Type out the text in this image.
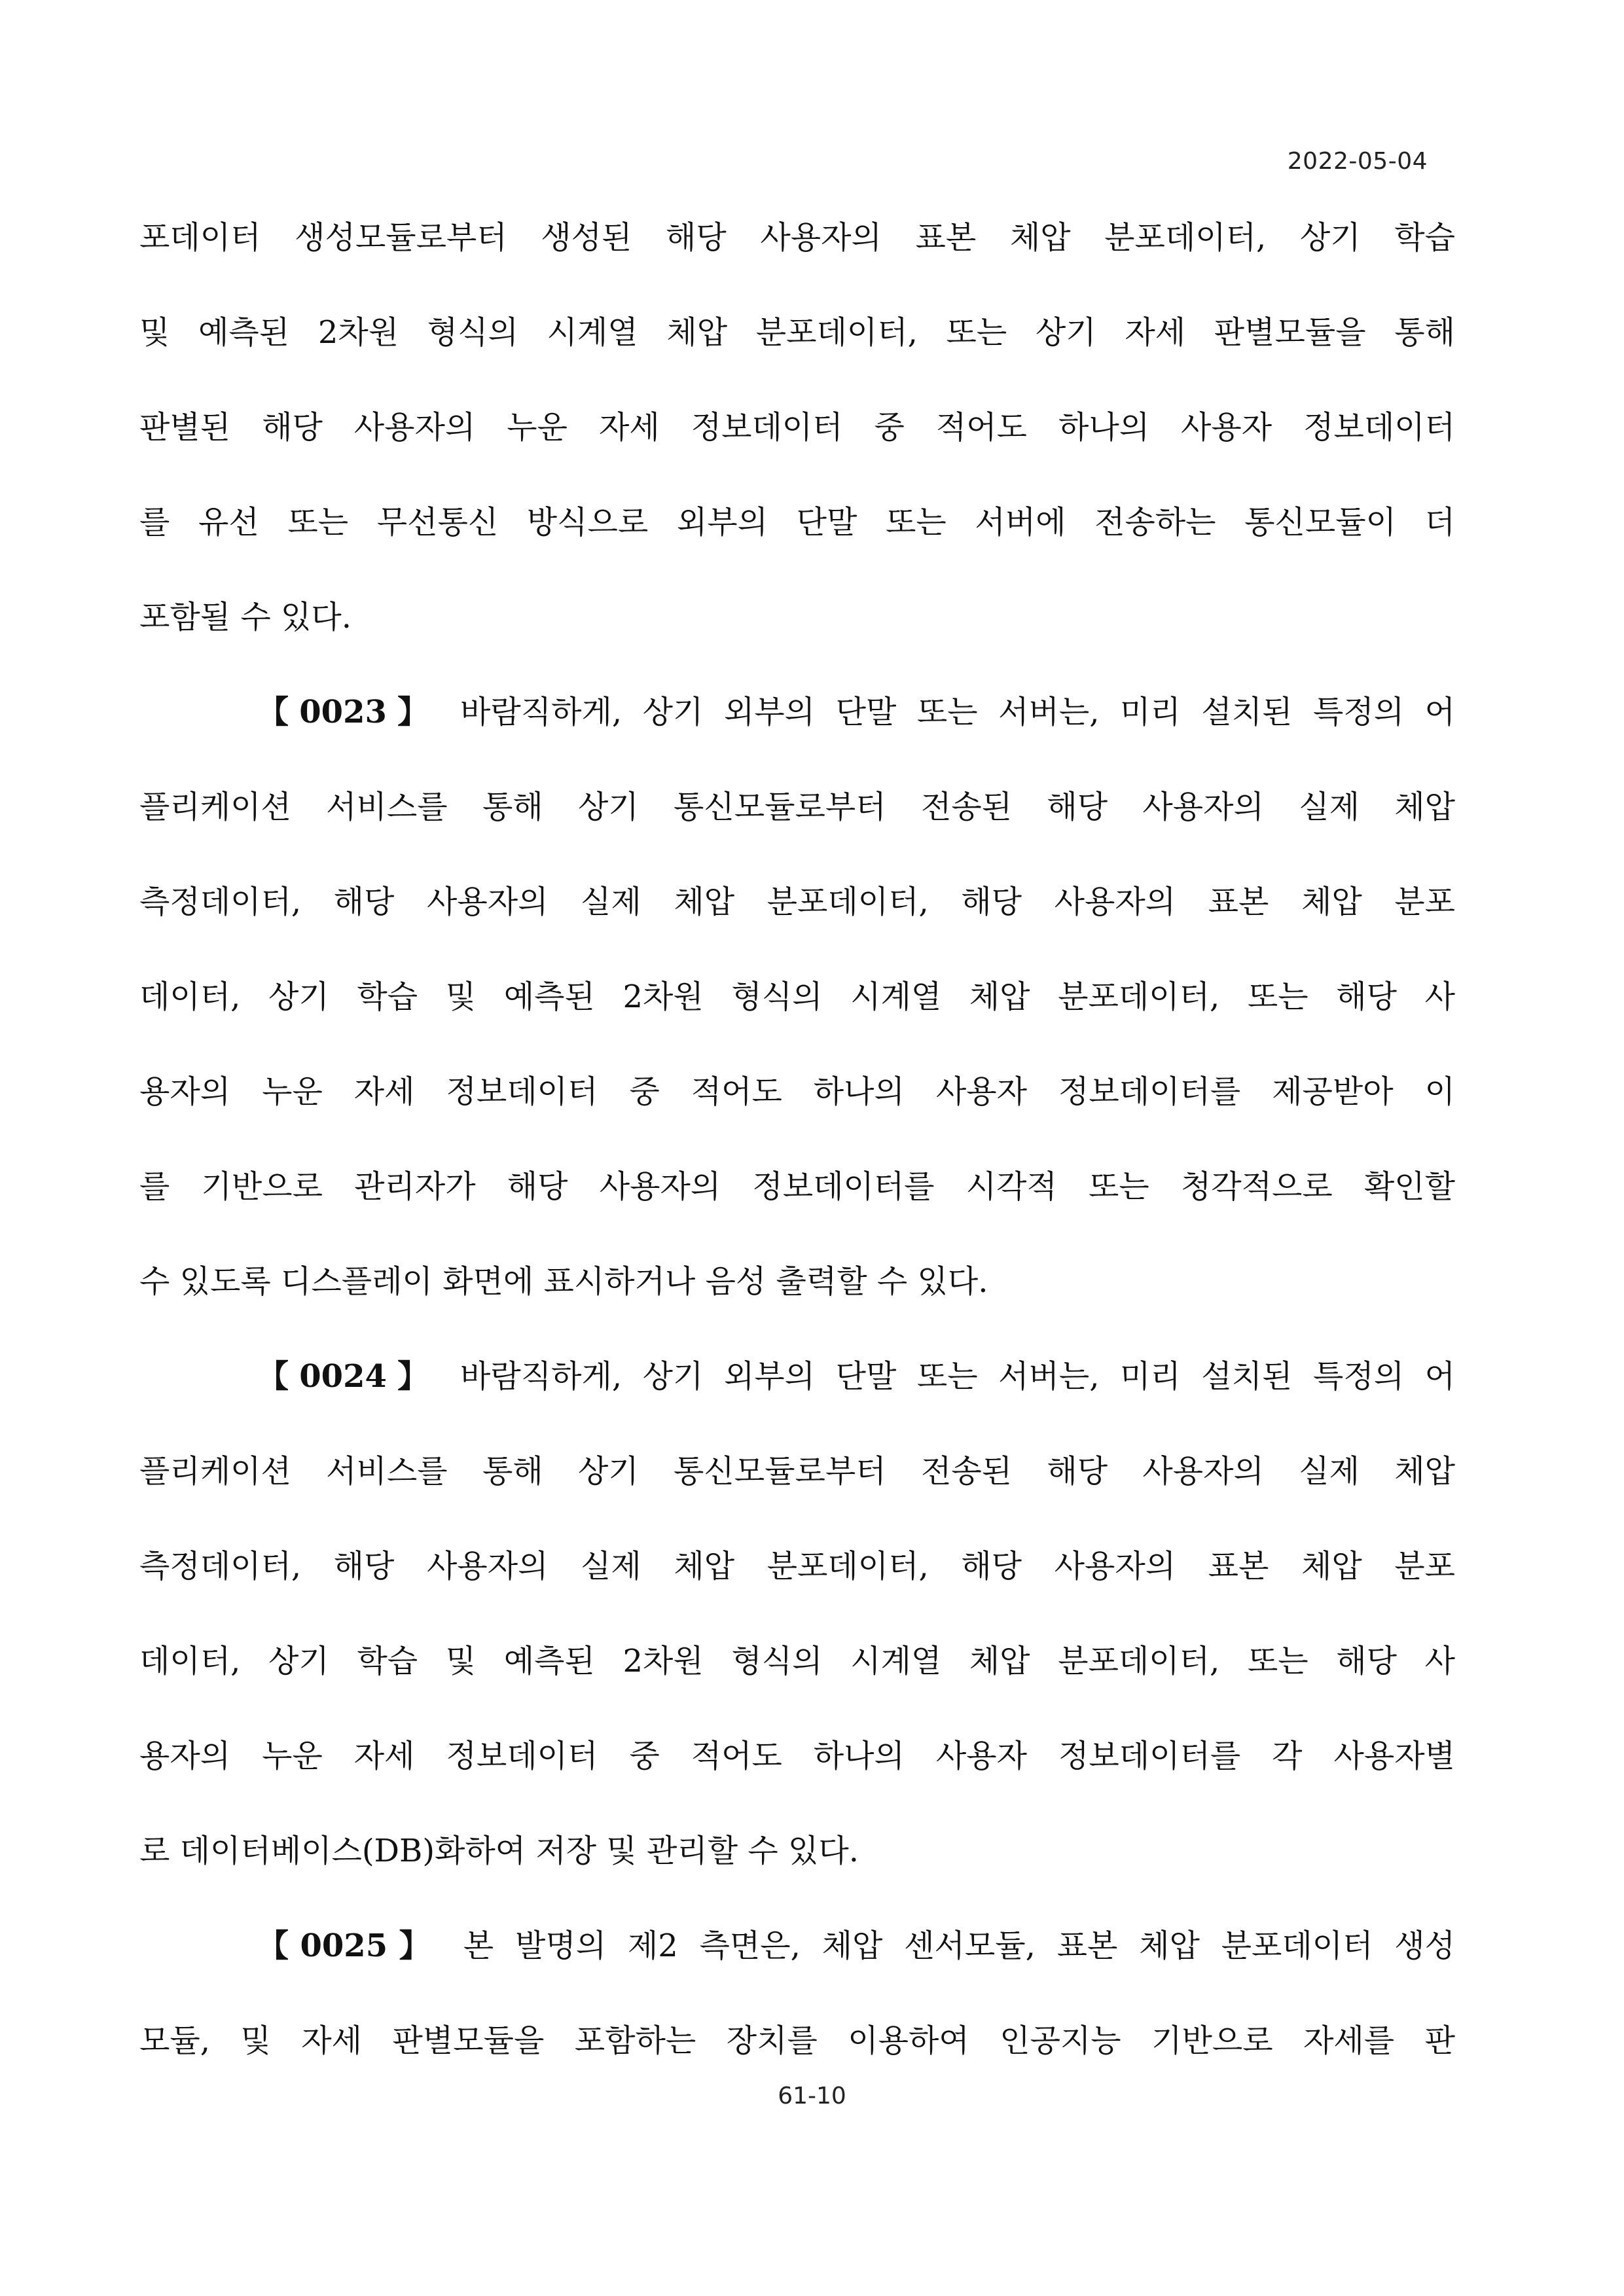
2022-05-04
포데이터 생성모듈로부터 생성된 해당 사용자의 표본 체압 분포데이터, 상기 학습
및 예측된 2차원 형식의 시계열 체압 분포데이터, 또는 상기 자세 판별모듈을 통해
판별된 해당 사용자의 누운 자세 정보데이터 중 적어도 하나의 사용자 정보데이터
를 유선 또는 무선통신 방식으로 외부의 단말 또는 서버에 전송하는 통신모듈이 더
포함될 수 있다.
【0023】 바람직하게, 상기 외부의 단말 또는 서버는, 미리 설치된 특정의 어
플리케이션 서비스를 통해 상기 통신모듈로부터 전송된 해당 사용자의 실제 체압
측정데이터, 해당 사용자의 실제 체압 분포데이터, 해당 사용자의 표본 체압 분포
데이터, 상기 학습 및 예측된 2차원 형식의 시계열 체압 분포데이터, 또는 해당 사
용자의 누운 자세 정보데이터 중 적어도 하나의 사용자 정보데이터를 제공받아 이
를 기반으로 관리자가 해당 사용자의 정보데이터를 시각적 또는 청각적으로 확인할
수 있도록 디스플레이 화면에 표시하거나 음성 출력할 수 있다.
【0024】 바람직하게, 상기 외부의 단말 또는 서버는, 미리 설치된 특정의 어
플리케이션 서비스를 통해 상기 통신모듈로부터 전송된 해당 사용자의 실제 체압
측정데이터, 해당 사용자의 실제 체압 분포데이터, 해당 사용자의 표본 체압 분포
데이터, 상기 학습 및 예측된 2차원 형식의 시계열 체압 분포데이터, 또는 해당 사
용자의 누운 자세 정보데이터 중 적어도 하나의 사용자 정보데이터를 각 사용자별
로 데이터베이스(DB)화하여 저장 및 관리할 수 있다.
【0025】 본 발명의 제2 측면은, 체압 센서모듈, 표본 체압 분포데이터 생성
모듈, 및 자세 판별모듈을 포함하는 장치를 이용하여 인공지능 기반으로 자세를 판
61-10
